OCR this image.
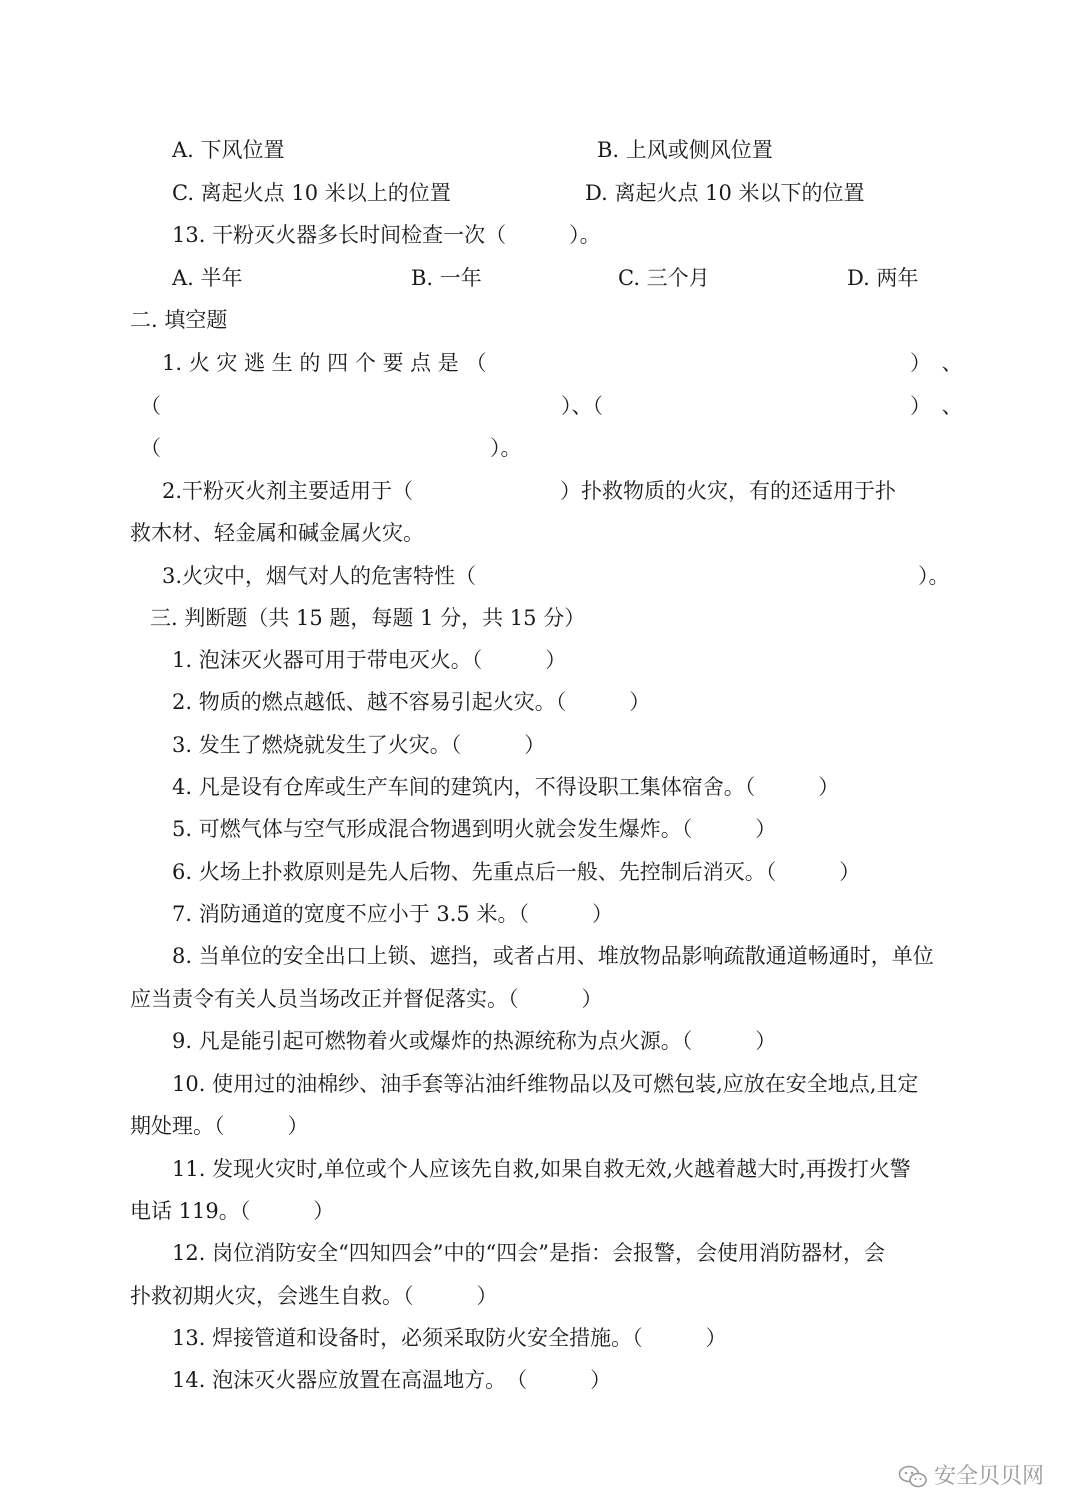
A. 下风位置	B. 上风或侧风位置
C. 离起火点 10 米以上的位置	D. 离起火点 10 米以下的位置
13. 干粉灭火器多长时间检查一次（　　　）。
A. 半年	B. 一年	C. 三个月	D. 两年
二. 填空题
1. 火 灾 逃 生 的 四 个 要 点 是 （	）　、
（	）、（	）　、
（	）。
2.干粉灭火剂主要适用于（　　　　　　　）扑救物质的火灾，有的还适用于扑
救木材、轻金属和碱金属火灾。
3.火灾中，烟气对人的危害特性（	）。
三. 判断题（共 15 题，每题 1 分，共 15 分）
1. 泡沫灭火器可用于带电灭火。（　　　）
2. 物质的燃点越低、越不容易引起火灾。（　　　）
3. 发生了燃烧就发生了火灾。（　　　）
4. 凡是设有仓库或生产车间的建筑内，不得设职工集体宿舍。（　　　）
5. 可燃气体与空气形成混合物遇到明火就会发生爆炸。（　　　）
6. 火场上扑救原则是先人后物、先重点后一般、先控制后消灭。（　　　）
7. 消防通道的宽度不应小于 3.5 米。（　　　）
8. 当单位的安全出口上锁、遮挡，或者占用、堆放物品影响疏散通道畅通时，单位
应当责令有关人员当场改正并督促落实。（　　　）
9. 凡是能引起可燃物着火或爆炸的热源统称为点火源。（　　　）
10. 使用过的油棉纱、油手套等沾油纤维物品以及可燃包装,应放在安全地点,且定
期处理。（　　　）
11. 发现火灾时,单位或个人应该先自救,如果自救无效,火越着越大时,再拨打火警
电话 119。（　　　）
12. 岗位消防安全“四知四会”中的“四会”是指：会报警，会使用消防器材，会
扑救初期火灾，会逃生自救。（　　　）
13. 焊接管道和设备时，必须采取防火安全措施。（　　　）
14. 泡沫灭火器应放置在高温地方。　（　　　）
安全贝贝网
